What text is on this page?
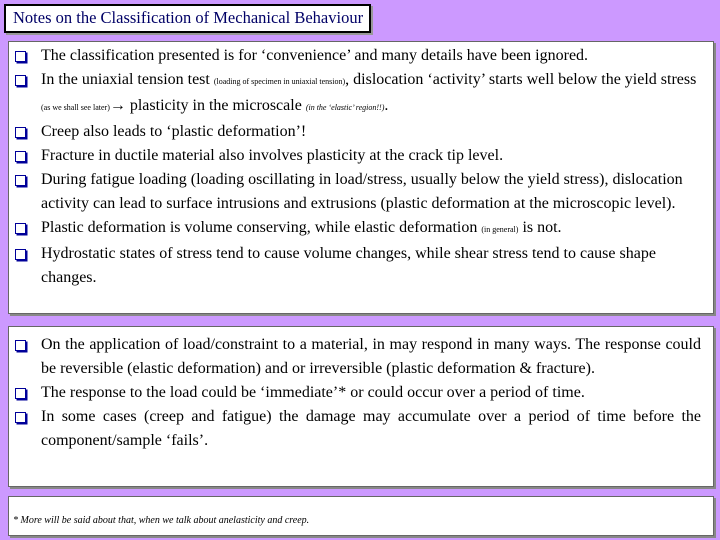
Notes on the Classification of Mechanical Behaviour
The classification presented is for ‘convenience’ and many details have been ignored.
In the uniaxial tension test (loading of specimen in uniaxial tension), dislocation ‘activity’ starts well below the yield stress (as we shall see later)→ plasticity in the microscale (in the ‘elastic’ region!!).
Creep also leads to ‘plastic deformation’!
Fracture in ductile material also involves plasticity at the crack tip level.
During fatigue loading (loading oscillating in load/stress, usually below the yield stress), dislocation activity can lead to surface intrusions and extrusions (plastic deformation at the microscopic level).
Plastic deformation is volume conserving, while elastic deformation (in general) is not.
Hydrostatic states of stress tend to cause volume changes, while shear stress tend to cause shape changes.
On the application of load/constraint to a material, in may respond in many ways. The response could be reversible (elastic deformation) and or irreversible (plastic deformation & fracture).
The response to the load could be ‘immediate’* or could occur over a period of time.
In some cases (creep and fatigue) the damage may accumulate over a period of time before the component/sample ‘fails’.
* More will be said about that, when we talk about anelasticity and creep.
